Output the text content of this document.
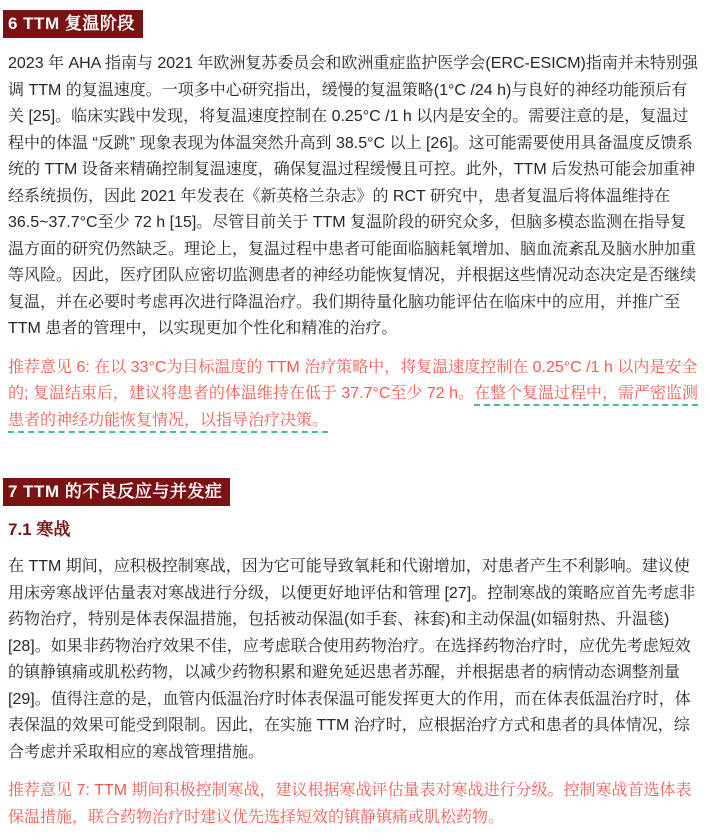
6 TTM 复温阶段

2023 年 AHA 指南与 2021 年欧洲复苏委员会和欧洲重症监护医学会(ERC-ESICM)指南并未特别强调 TTM 的复温速度。一项多中心研究指出，缓慢的复温策略(1°C /24 h)与良好的神经功能预后有关 [25]。临床实践中发现，将复温速度控制在 0.25°C /1 h 以内是安全的。需要注意的是，复温过程中的体温 “反跳” 现象表现为体温突然升高到 38.5°C 以上 [26]。这可能需要使用具备温度反馈系统的 TTM 设备来精确控制复温速度，确保复温过程缓慢且可控。此外，TTM 后发热可能会加重神经系统损伤，因此 2021 年发表在《新英格兰杂志》的 RCT 研究中，患者复温后将体温维持在 36.5~37.7°C至少 72 h [15]。尽管目前关于 TTM 复温阶段的研究众多，但脑多模态监测在指导复温方面的研究仍然缺乏。理论上，复温过程中患者可能面临脑耗氧增加、脑血流紊乱及脑水肿加重等风险。因此，医疗团队应密切监测患者的神经功能恢复情况，并根据这些情况动态决定是否继续复温，并在必要时考虑再次进行降温治疗。我们期待量化脑功能评估在临床中的应用，并推广至 TTM 患者的管理中，以实现更加个性化和精准的治疗。

推荐意见 6: 在以 33°C为目标温度的 TTM 治疗策略中，将复温速度控制在 0.25°C /1 h 以内是安全的; 复温结束后，建议将患者的体温维持在低于 37.7°C至少 72 h。在整个复温过程中，需严密监测患者的神经功能恢复情况，以指导治疗决策。

7 TTM 的不良反应与并发症
7.1 寒战

在 TTM 期间，应积极控制寒战，因为它可能导致氧耗和代谢增加，对患者产生不利影响。建议使用床旁寒战评估量表对寒战进行分级，以便更好地评估和管理 [27]。控制寒战的策略应首先考虑非药物治疗，特别是体表保温措施，包括被动保温(如手套、袜套)和主动保温(如辐射热、升温毯)[28]。如果非药物治疗效果不佳，应考虑联合使用药物治疗。在选择药物治疗时，应优先考虑短效的镇静镇痛或肌松药物，以减少药物积累和避免延迟患者苏醒，并根据患者的病情动态调整剂量 [29]。值得注意的是，血管内低温治疗时体表保温可能发挥更大的作用，而在体表低温治疗时，体表保温的效果可能受到限制。因此，在实施 TTM 治疗时，应根据治疗方式和患者的具体情况，综合考虑并采取相应的寒战管理措施。

推荐意见 7: TTM 期间积极控制寒战，建议根据寒战评估量表对寒战进行分级。控制寒战首选体表保温措施，联合药物治疗时建议优先选择短效的镇静镇痛或肌松药物。
